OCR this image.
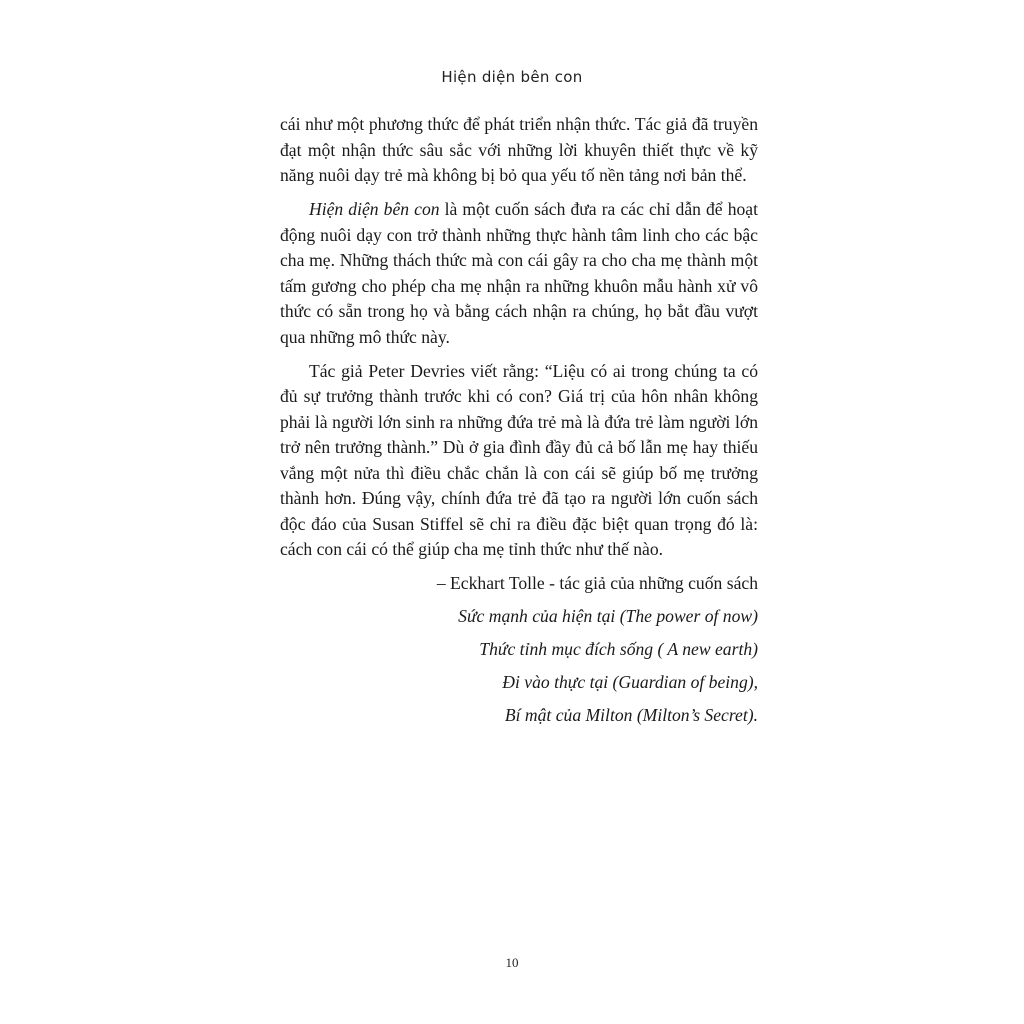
Hiện diện bên con

cái như một phương thức để phát triển nhận thức. Tác giả đã truyền đạt một nhận thức sâu sắc với những lời khuyên thiết thực về kỹ năng nuôi dạy trẻ mà không bị bỏ qua yếu tố nền tảng nơi bản thể.

Hiện diện bên con là một cuốn sách đưa ra các chỉ dẫn để hoạt động nuôi dạy con trở thành những thực hành tâm linh cho các bậc cha mẹ. Những thách thức mà con cái gây ra cho cha mẹ thành một tấm gương cho phép cha mẹ nhận ra những khuôn mẫu hành xử vô thức có sẵn trong họ và bằng cách nhận ra chúng, họ bắt đầu vượt qua những mô thức này.

Tác giả Peter Devries viết rằng: “Liệu có ai trong chúng ta có đủ sự trưởng thành trước khi có con? Giá trị của hôn nhân không phải là người lớn sinh ra những đứa trẻ mà là đứa trẻ làm người lớn trở nên trưởng thành.” Dù ở gia đình đầy đủ cả bố lẫn mẹ hay thiếu vắng một nửa thì điều chắc chắn là con cái sẽ giúp bố mẹ trưởng thành hơn. Đúng vậy, chính đứa trẻ đã tạo ra người lớn cuốn sách độc đáo của Susan Stiffel sẽ chỉ ra điều đặc biệt quan trọng đó là: cách con cái có thể giúp cha mẹ tỉnh thức như thế nào.

– Eckhart Tolle - tác giả của những cuốn sách
Sức mạnh của hiện tại (The power of now)
Thức tỉnh mục đích sống ( A new earth)
Đi vào thực tại (Guardian of being),
Bí mật của Milton (Milton’s Secret).
10
